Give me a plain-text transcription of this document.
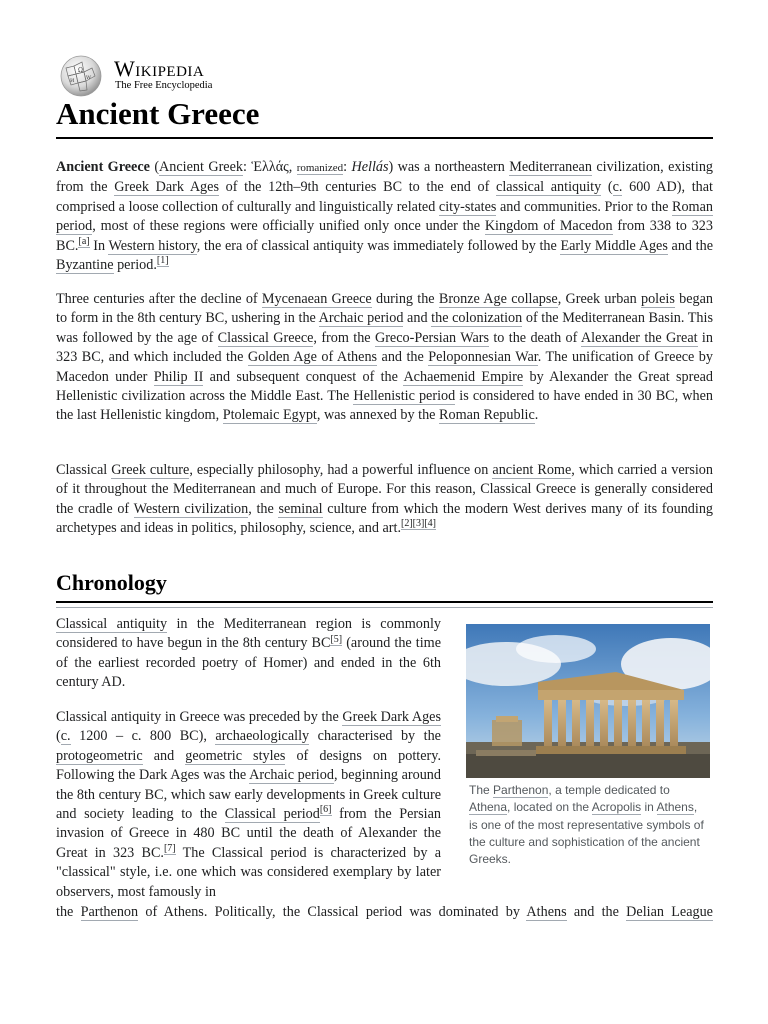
Ω
W
И Wikipedia
The Free Encyclopedia
Ancient Greece

Ancient Greece (Ancient Greek: Ἑλλάς, romanized: Hellás) was a northeastern Mediterranean civilization, existing from the Greek Dark Ages of the 12th–9th centuries BC to the end of classical antiquity (c. 600 AD), that comprised a loose collection of culturally and linguistically related city-states and communities. Prior to the Roman period, most of these regions were officially unified only once under the Kingdom of Macedon from 338 to 323 BC.[a] In Western history, the era of classical antiquity was immediately followed by the Early Middle Ages and the Byzantine period.[1]

Three centuries after the decline of Mycenaean Greece during the Bronze Age collapse, Greek urban poleis began to form in the 8th century BC, ushering in the Archaic period and the colonization of the Mediterranean Basin. This was followed by the age of Classical Greece, from the Greco-Persian Wars to the death of Alexander the Great in 323 BC, and which included the Golden Age of Athens and the Peloponnesian War. The unification of Greece by Macedon under Philip II and subsequent conquest of the Achaemenid Empire by Alexander the Great spread Hellenistic civilization across the Middle East. The Hellenistic period is considered to have ended in 30 BC, when the last Hellenistic kingdom, Ptolemaic Egypt, was annexed by the Roman Republic.

Classical Greek culture, especially philosophy, had a powerful influence on ancient Rome, which carried a version of it throughout the Mediterranean and much of Europe. For this reason, Classical Greece is generally considered the cradle of Western civilization, the seminal culture from which the modern West derives many of its founding archetypes and ideas in politics, philosophy, science, and art.[2][3][4]

Chronology

Classical antiquity in the Mediterranean region is commonly considered to have begun in the 8th century BC[5] (around the time of the earliest recorded poetry of Homer) and ended in the 6th century AD.

Classical antiquity in Greece was preceded by the Greek Dark Ages (c. 1200 – c. 800 BC), archaeologically characterised by the protogeometric and geometric styles of designs on pottery. Following the Dark Ages was the Archaic period, beginning around the 8th century BC, which saw early developments in Greek culture and society leading to the Classical period[6] from the Persian invasion of Greece in 480 BC until the death of Alexander the Great in 323 BC.[7] The Classical period is characterized by a "classical" style, i.e. one which was considered exemplary by later observers, most famously in

the Parthenon of Athens. Politically, the Classical period was dominated by Athens and the Delian League

The Parthenon, a temple dedicated to Athena, located on the Acropolis in Athens, is one of the most representative symbols of the culture and sophistication of the ancient Greeks.
